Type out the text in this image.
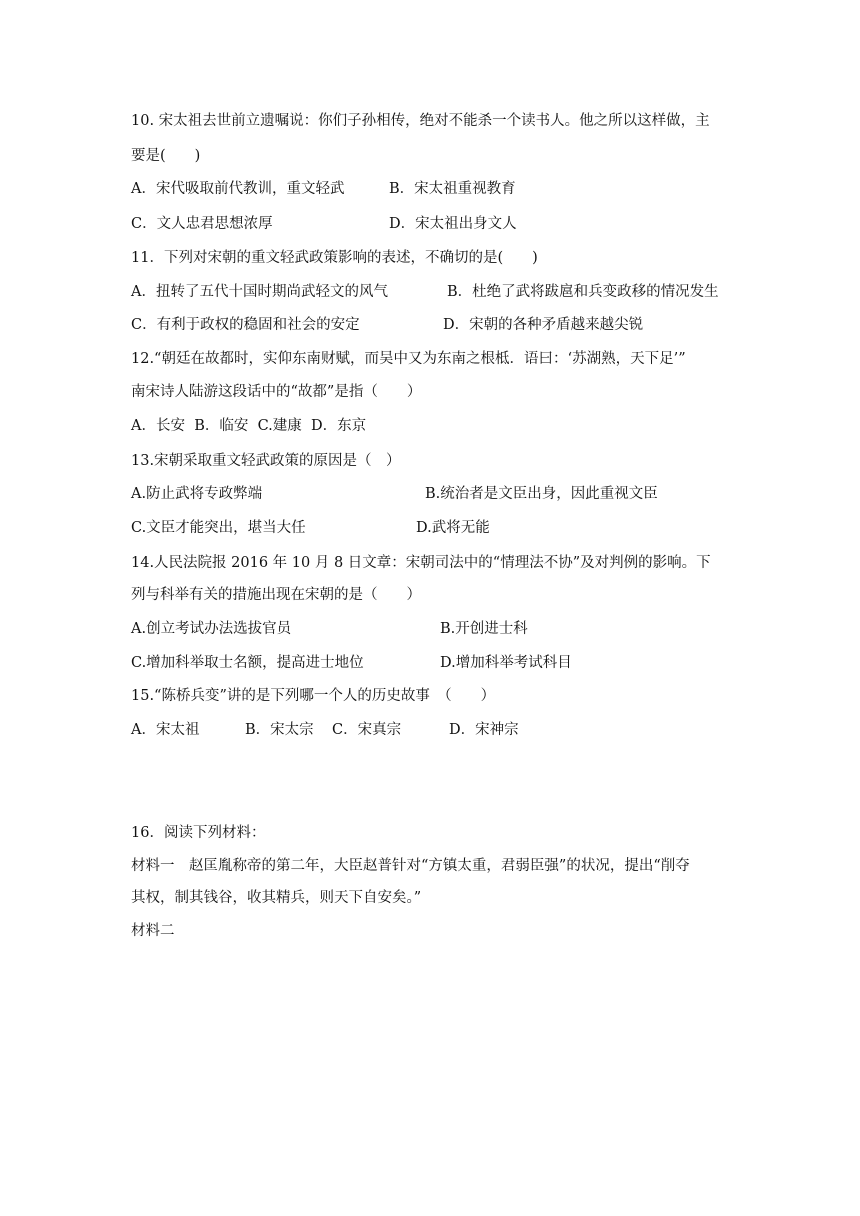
10. 宋太祖去世前立遗嘱说：你们子孙相传，绝对不能杀一个读书人。他之所以这样做，主
要是(　　)
A．宋代吸取前代教训，重文轻武	B．宋太祖重视教育
C．文人忠君思想浓厚	D．宋太祖出身文人
11．下列对宋朝的重文轻武政策影响的表述，不确切的是(　　)
A．扭转了五代十国时期尚武轻文的风气	B．杜绝了武将跋扈和兵变政移的情况发生
C．有利于政权的稳固和社会的安定	D．宋朝的各种矛盾越来越尖锐
12.“朝廷在故都时，实仰东南财赋，而吴中又为东南之根柢．语曰：‘苏湖熟，天下足’”
南宋诗人陆游这段话中的“故都”是指（　　）
A．长安  B．临安  C.建康  D．东京
13.宋朝采取重文轻武政策的原因是（　）
A.防止武将专政弊端	B.统治者是文臣出身，因此重视文臣
C.文臣才能突出，堪当大任	D.武将无能
14.人民法院报 2016 年 10 月 8 日文章：宋朝司法中的“情理法不协”及对判例的影响。下
列与科举有关的措施出现在宋朝的是（　　）
A.创立考试办法选拔官员	B.开创进士科
C.增加科举取士名额，提高进士地位	D.增加科举考试科目
15.“陈桥兵变”讲的是下列哪一个人的历史故事　（　　）
A．宋太祖	B．宋太宗 C．宋真宗	D．宋神宗
16．阅读下列材料：
材料一　赵匡胤称帝的第二年，大臣赵普针对“方镇太重，君弱臣强”的状况，提出“削夺
其权，制其钱谷，收其精兵，则天下自安矣。”
材料二
